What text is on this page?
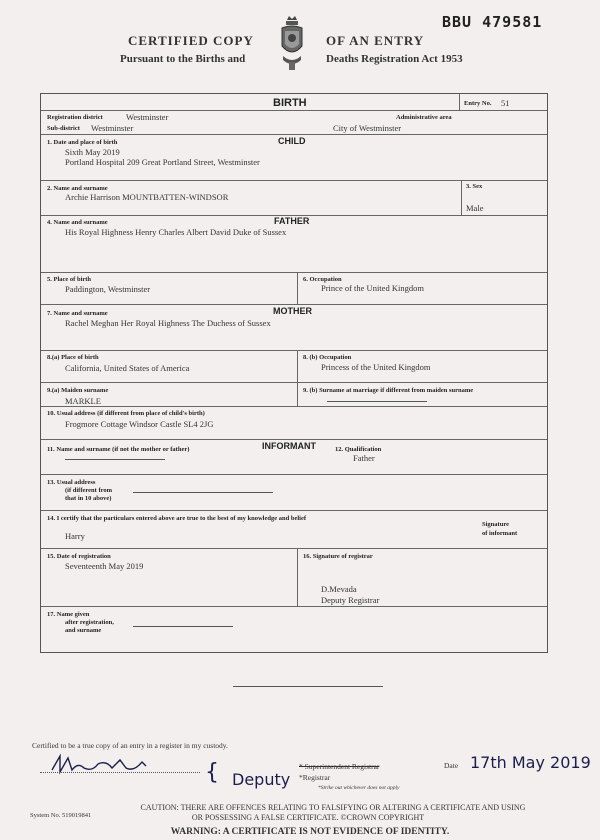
CERTIFIED COPY	OF AN ENTRY
Pursuant to the Births and	Deaths Registration Act 1953
BBU 479581
BIRTH	Entry No. 51
Registration district	Westminster	Administrative area
Sub-district Westminster	City of Westminster
CHILD
1. Date and place of birth
Sixth May 2019
Portland Hospital 209 Great Portland Street, Westminster
2. Name and surname
Archie Harrison MOUNTBATTEN-WINDSOR
3. Sex
Male
FATHER
4. Name and surname
His Royal Highness Henry Charles Albert David Duke of Sussex
5. Place of birth
Paddington, Westminster
6. Occupation
Prince of the United Kingdom
MOTHER
7. Name and surname
Rachel Meghan Her Royal Highness The Duchess of Sussex
8.(a) Place of birth
California, United States of America
8. (b) Occupation
Princess of the United Kingdom
9.(a) Maiden surname
MARKLE
9. (b) Surname at marriage if different from maiden surname
10. Usual address (if different from place of child's birth)
Frogmore Cottage Windsor Castle SL4 2JG
INFORMANT
11. Name and surname (if not the mother or father)	12. Qualification
Father
13. Usual address
(if different from
that in 10 above)
14. I certify that the particulars entered above are true to the best of my knowledge and belief
Harry
Signature
of informant
15. Date of registration
Seventeenth May 2019
16. Signature of registrar
D.Mevada
Deputy Registrar
17. Name given
after registration,
and surname
Certified to be a true copy of an entry in a register in my custody.
{ Deputy
* Superintendent Registrar
*Registrar
*Strike out whichever does not apply
Date 17th May 2019
System No. 519019841
CAUTION: THERE ARE OFFENCES RELATING TO FALSIFYING OR ALTERING A CERTIFICATE AND USING
OR POSSESSING A FALSE CERTIFICATE. ©CROWN COPYRIGHT
WARNING: A CERTIFICATE IS NOT EVIDENCE OF IDENTITY.
